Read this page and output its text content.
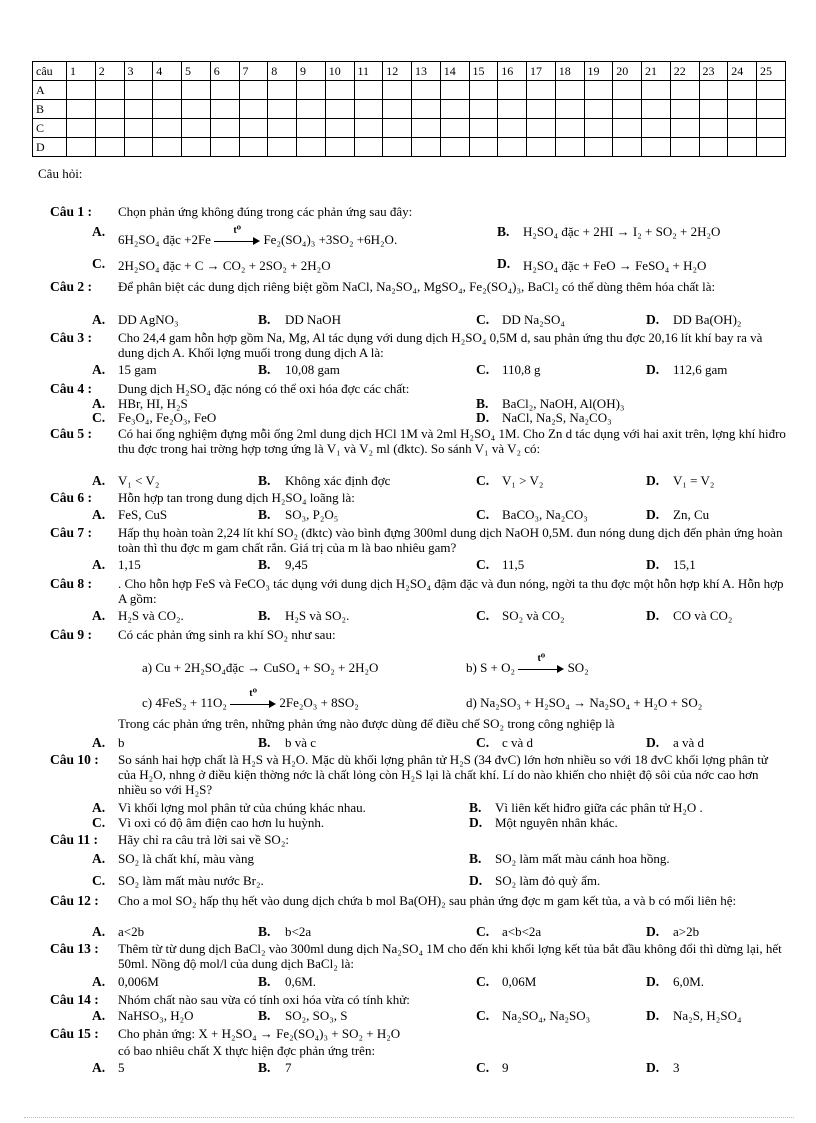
câu	1	2	3	4	5	6	7	8	9	10	11	12	13	14	15	16	17	18	19	20	21	22	23	24	25
A																									
B																									
C																									
D																									
Câu hỏi:
Câu 1 : Chọn phản ứng không đúng trong các phản ứng sau đây:
A.
6H₂SO₄ đặc +2Fe
t⁰
Fe₂(SO₄)₃ +3SO₂ +6H₂O.
B. H₂SO₄ đặc + 2HI → I₂ + SO₂ + 2H₂O
C. 2H₂SO₄ đặc + C → CO₂ + 2SO₂ + 2H₂O	D. H₂SO₄ đặc + FeO → FeSO₄ + H₂O
Câu 2 : Để phân biệt các dung dịch riêng biệt gồm NaCl, Na₂SO₄, MgSO₄, Fe₂(SO₄)₃, BaCl₂ có thể dùng thêm hóa chất là:
A. DD AgNO₃	B. DD NaOH	C. DD Na₂SO₄	D. DD Ba(OH)₂
Câu 3 : Cho 24,4 gam hỗn hợp gồm Na, Mg, Al tác dụng với dung dịch H₂SO₄ 0,5M d, sau phản ứng thu đợc 20,16 lít khí bay ra và dung dịch A. Khối lợng muối trong dung dịch A là:
A. 15 gam	B. 10,08 gam	C. 110,8 g	D. 112,6 gam
Câu 4 : Dung dịch H₂SO₄ đặc nóng có thể oxi hóa đợc các chất:
A. HBr, HI, H₂S	B. BaCl₂, NaOH, Al(OH)₃
C. Fe₃O₄, Fe₂O₃, FeO	D. NaCl, Na₂S, Na₂CO₃
Câu 5 : Có hai ống nghiệm đựng mỗi ống 2ml dung dịch HCl 1M và 2ml H₂SO₄ 1M. Cho Zn d tác dụng với hai axit trên, lợng khí hiđro thu đợc trong hai trờng hợp tơng ứng là V₁ và V₂ ml (đktc). So sánh V₁ và V₂ có:
A. V₁ < V₂	B. Không xác định đợc	C. V₁ > V₂	D. V₁ = V₂
Câu 6 : Hỗn hợp tan trong dung dịch H₂SO₄ loãng là:
A. FeS, CuS	B. SO₃, P₂O₅	C. BaCO₃, Na₂CO₃	D. Zn, Cu
Câu 7 : Hấp thụ hoàn toàn 2,24 lít khí SO₂ (đktc) vào bình đựng 300ml dung dịch NaOH 0,5M. đun nóng dung dịch đến phản ứng hoàn toàn thì thu đợc m gam chất rắn. Giá trị của m là bao nhiêu gam?
A. 1,15	B. 9,45	C. 11,5	D. 15,1
Câu 8 : . Cho hỗn hợp FeS và FeCO₃ tác dụng với dung dịch H₂SO₄ đậm đặc và đun nóng, ngời ta thu đợc một hỗn hợp khí A. Hỗn hợp A gồm:
A. H₂S và CO₂.	B. H₂S và SO₂.	C. SO₂ và CO₂	D. CO và CO₂
Câu 9 : Có các phản ứng sinh ra khí SO₂ như sau:
a) Cu + 2H₂SO₄đặc → CuSO₄ + SO₂ + 2H₂O	b) S + O₂
t⁰
SO₂
c) 4FeS₂ + 11O₂
t⁰
2Fe₂O₃ + 8SO₂	d) Na₂SO₃ + H₂SO₄ → Na₂SO₄ + H₂O + SO₂
Trong các phản ứng trên, những phản ứng nào được dùng để điều chế SO₂ trong công nghiệp là
A. b	B. b và c	C. c và d	D. a và d
Câu 10 : So sánh hai hợp chất là H₂S và H₂O. Mặc dù khối lợng phân tử H₂S (34 đvC) lớn hơn nhiều so với 18 đvC khối lợng phân tử của H₂O, nhng ở điều kiện thờng nớc là chất lỏng còn H₂S lại là chất khí. Lí do nào khiến cho nhiệt độ sôi của nớc cao hơn nhiều so với H₂S?
A. Vì khối lợng mol phân tử của chúng khác nhau.	B. Vì liên kết hiđro giữa các phân tử H₂O .
C. Vì oxi có độ âm điện cao hơn lu huỳnh.	D. Một nguyên nhân khác.
Câu 11 : Hãy chỉ ra câu trả lời sai về SO₂:
A. SO₂ là chất khí, màu vàng	B. SO₂ làm mất màu cánh hoa hồng.
C. SO₂ làm mất màu nước Br₂.	D. SO₂ làm đỏ quỳ ẩm.
Câu 12 : Cho a mol SO₂ hấp thụ hết vào dung dịch chứa b mol Ba(OH)₂ sau phản ứng đợc m gam kết tủa, a và b có mối liên hệ:
A. a<2b	B. b<2a	C. a<b<2a	D. a>2b
Câu 13 : Thêm từ từ dung dịch BaCl₂ vào 300ml dung dịch Na₂SO₄ 1M cho đến khi khối lợng kết tủa bắt đầu không đổi thì dừng lại, hết 50ml. Nồng độ mol/l của dung dịch BaCl₂ là:
A. 0,006M	B. 0,6M.	C. 0,06M	D. 6,0M.
Câu 14 : Nhóm chất nào sau vừa có tính oxi hóa vừa có tính khử:
A. NaHSO₃, H₂O	B. SO₂, SO₃, S	C. Na₂SO₄, Na₂SO₃	D. Na₂S, H₂SO₄
Câu 15 : Cho phản ứng: X + H₂SO₄ → Fe₂(SO₄)₃ + SO₂ + H₂O
có bao nhiêu chất X thực hiện đợc phản ứng trên:
A. 5	B. 7	C. 9	D. 3
